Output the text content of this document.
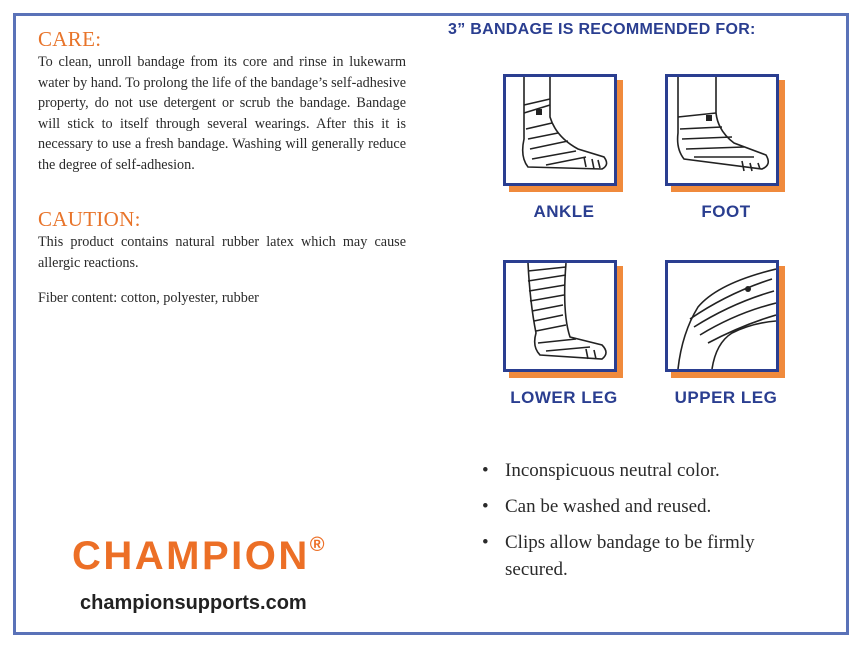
CARE:

To clean, unroll bandage from its core and rinse in lukewarm water by hand. To prolong the life of the bandage’s self-adhesive property, do not use detergent or scrub the bandage. Bandage will stick to itself through several wearings. After this it is necessary to use a fresh bandage. Washing will generally reduce the degree of self-adhesion.

CAUTION:

This product contains natural rubber latex which may cause allergic reactions.

Fiber content: cotton, polyester, rubber
CHAMPION®
championsupports.com
3” BANDAGE IS RECOMMENDED FOR:
ANKLE	FOOT
LOWER LEG	UPPER LEG
• Inconspicuous neutral color.
• Can be washed and reused.
• Clips allow bandage to be firmly secured.
